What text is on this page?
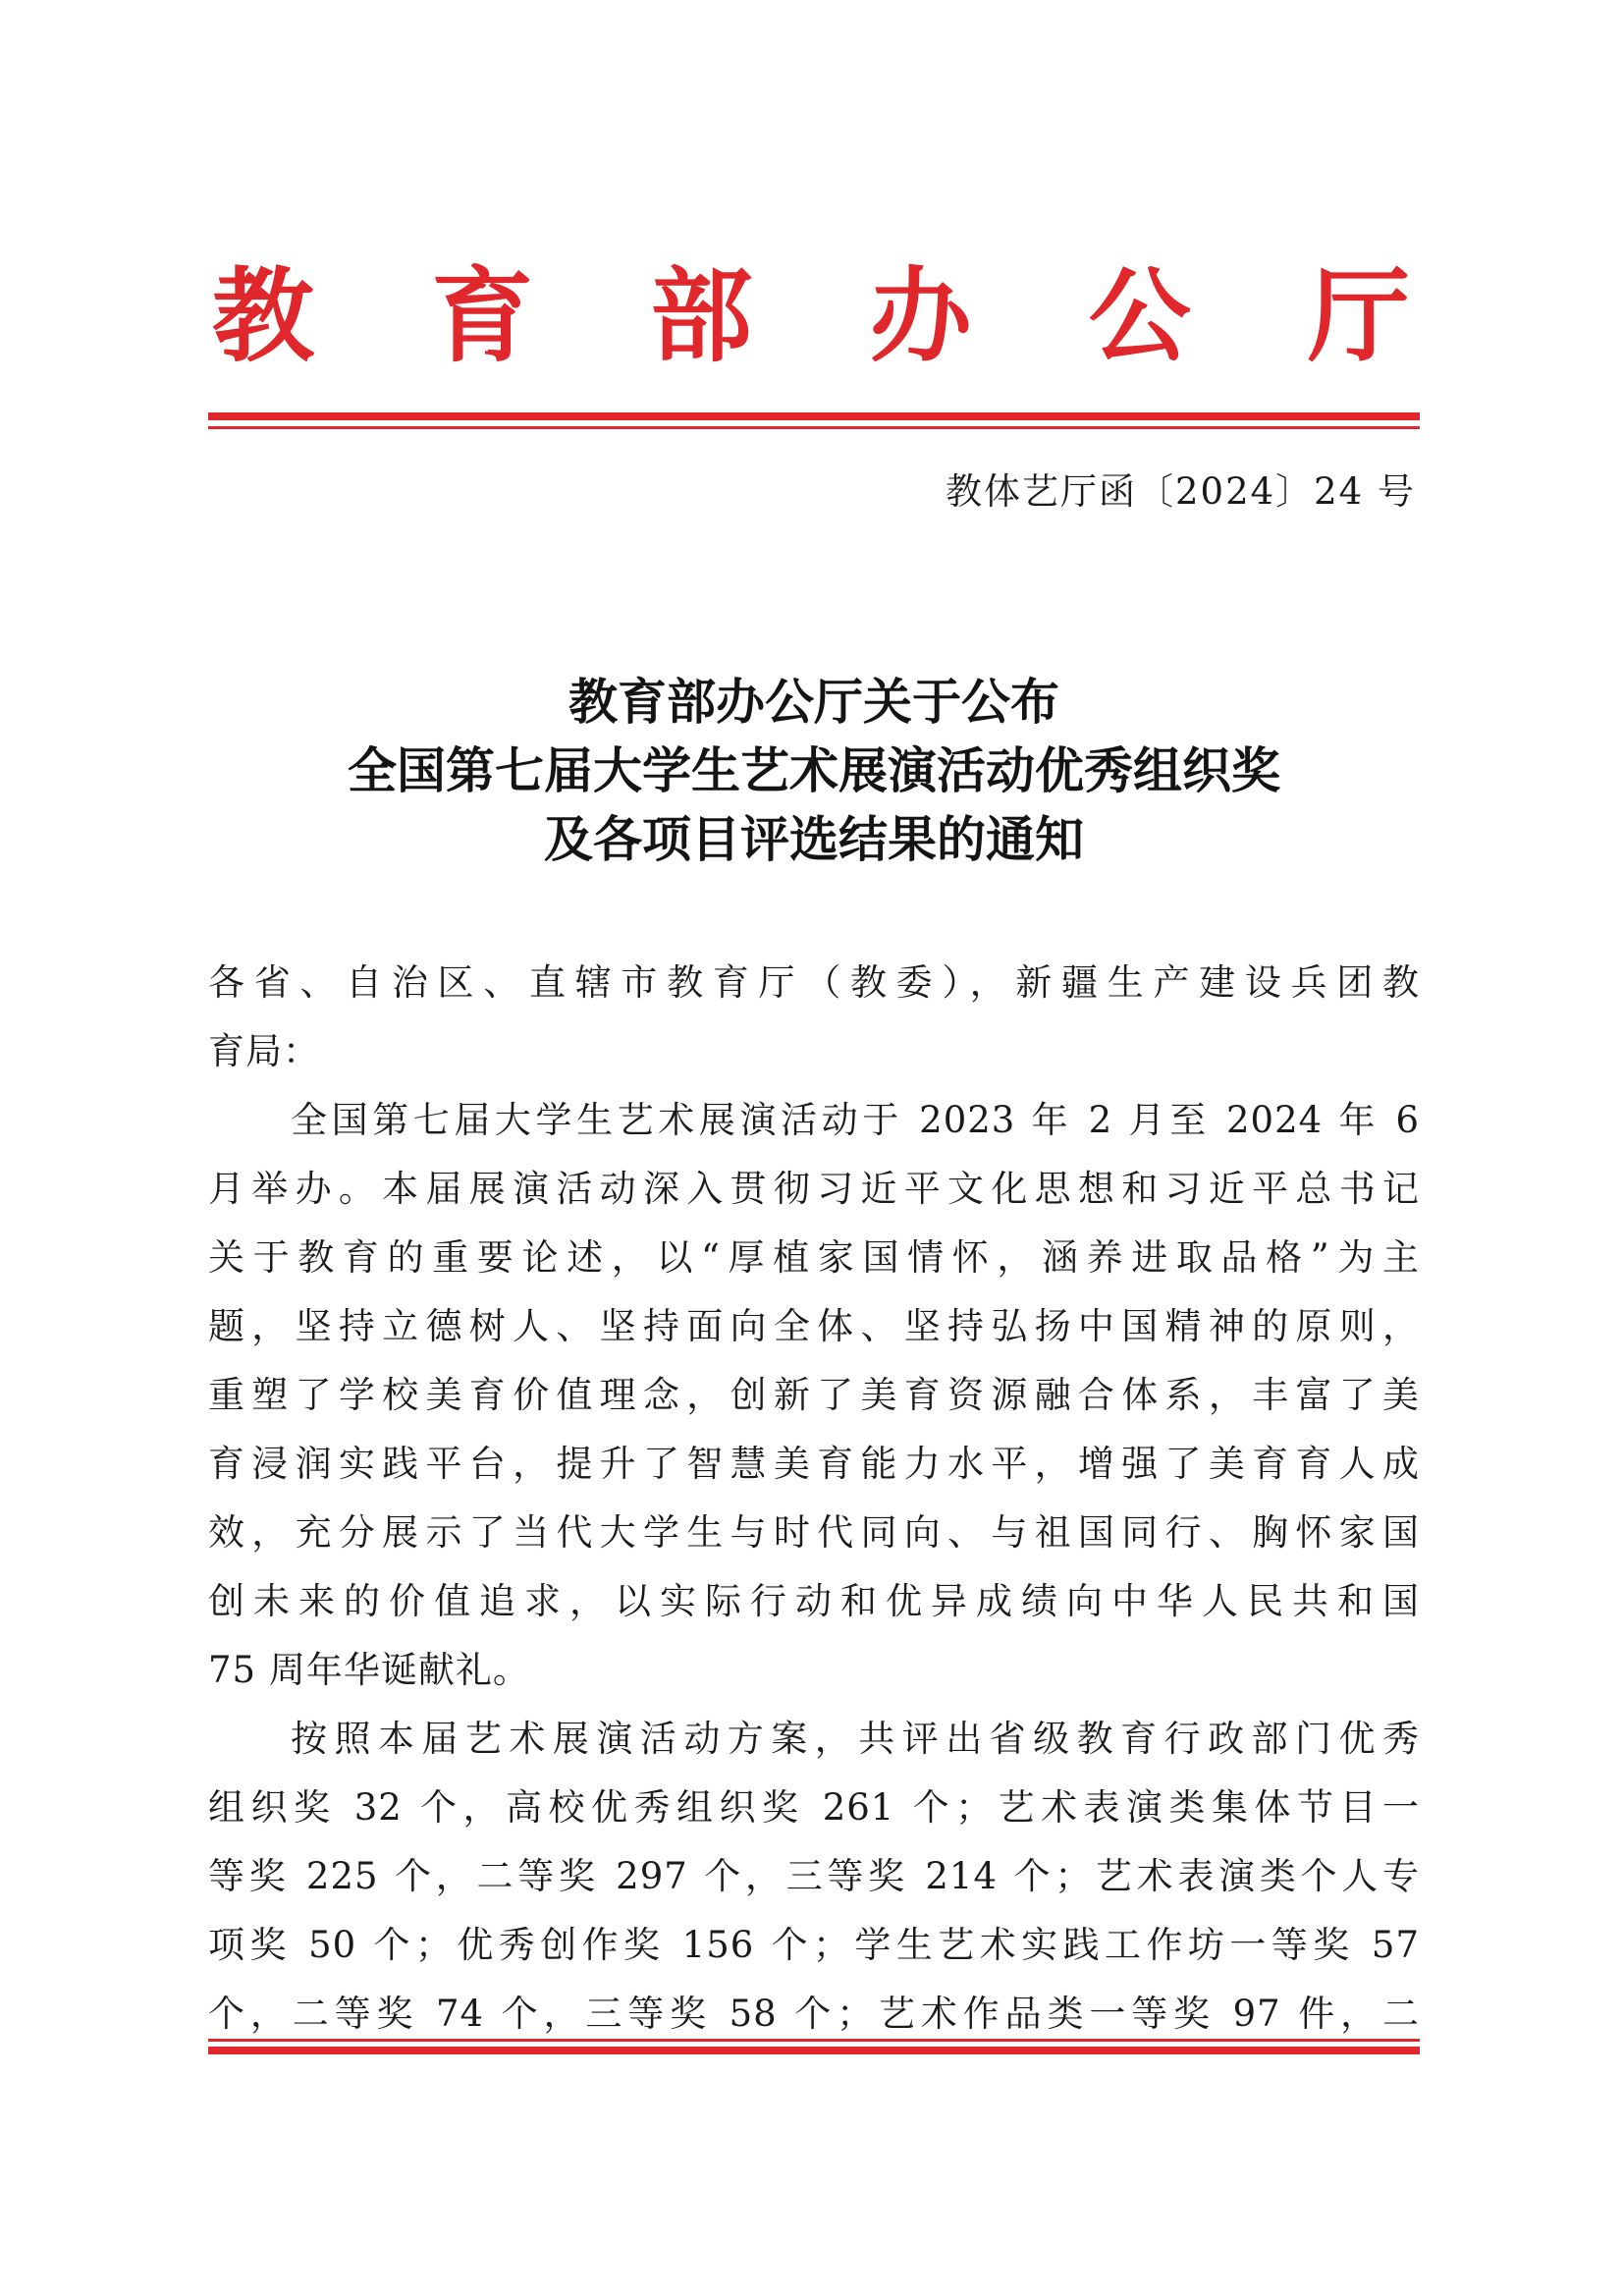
教 育 部 办 公 厅
教体艺厅函〔2024〕24 号
教育部办公厅关于公布
全国第七届大学生艺术展演活动优秀组织奖
及各项目评选结果的通知

各省、自治区、直辖市教育厅（教委），新疆生产建设兵团教
育局：

全国第七届大学生艺术展演活动于 2023 年 2 月至 2024 年 6
月举办。本届展演活动深入贯彻习近平文化思想和习近平总书记
关于教育的重要论述，以“厚植家国情怀，涵养进取品格”为主
题，坚持立德树人、坚持面向全体、坚持弘扬中国精神的原则，
重塑了学校美育价值理念，创新了美育资源融合体系，丰富了美
育浸润实践平台，提升了智慧美育能力水平，增强了美育育人成
效，充分展示了当代大学生与时代同向、与祖国同行、胸怀家国
创未来的价值追求，以实际行动和优异成绩向中华人民共和国
75 周年华诞献礼。

按照本届艺术展演活动方案，共评出省级教育行政部门优秀
组织奖 32 个，高校优秀组织奖 261 个；艺术表演类集体节目一
等奖 225 个，二等奖 297 个，三等奖 214 个；艺术表演类个人专
项奖 50 个；优秀创作奖 156 个；学生艺术实践工作坊一等奖 57
个，二等奖 74 个，三等奖 58 个；艺术作品类一等奖 97 件，二
